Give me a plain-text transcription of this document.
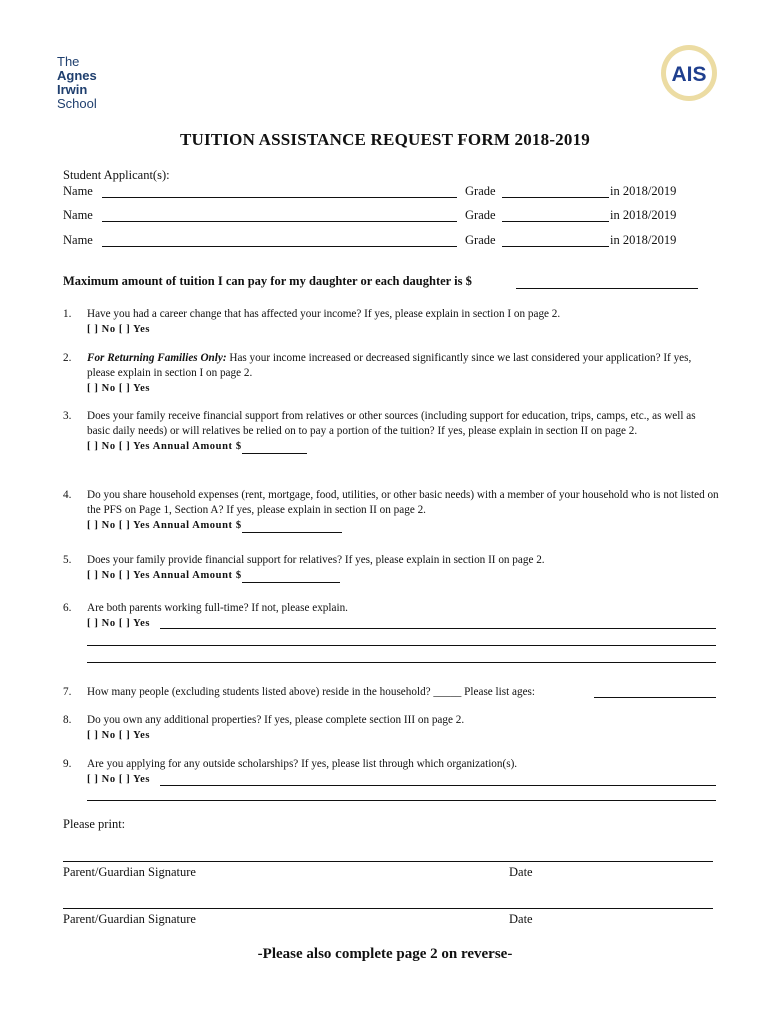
The
Agnes
Irwin
School
AIS
TUITION ASSISTANCE REQUEST FORM 2018-2019
Student Applicant(s):
Name	Grade	in 2018/2019
Name	Grade	in 2018/2019
Name	Grade	in 2018/2019
Maximum amount of tuition I can pay for my daughter or each daughter is $
1. Have you had a career change that has affected your income? If yes, please explain in section I on page 2.
[ ] No [ ] Yes
2. For Returning Families Only: Has your income increased or decreased significantly since we last considered your application? If yes, please explain in section I on page 2.
[ ] No [ ] Yes
3. Does your family receive financial support from relatives or other sources (including support for education, trips, camps, etc., as well as basic daily needs) or will relatives be relied on to pay a portion of the tuition? If yes, please explain in section II on page 2.
[ ] No [ ] Yes Annual Amount $
4. Do you share household expenses (rent, mortgage, food, utilities, or other basic needs) with a member of your household who is not listed on the PFS on Page 1, Section A? If yes, please explain in section II on page 2.
[ ] No [ ] Yes Annual Amount $
5. Does your family provide financial support for relatives? If yes, please explain in section II on page 2.
[ ] No [ ] Yes Annual Amount $
6. Are both parents working full-time? If not, please explain.
[ ] No [ ] Yes
7. How many people (excluding students listed above) reside in the household? _____ Please list ages:
8. Do you own any additional properties? If yes, please complete section III on page 2.
[ ] No [ ] Yes
9. Are you applying for any outside scholarships? If yes, please list through which organization(s).
[ ] No [ ] Yes
Please print:
Parent/Guardian Signature	Date
Parent/Guardian Signature	Date
-Please also complete page 2 on reverse-
